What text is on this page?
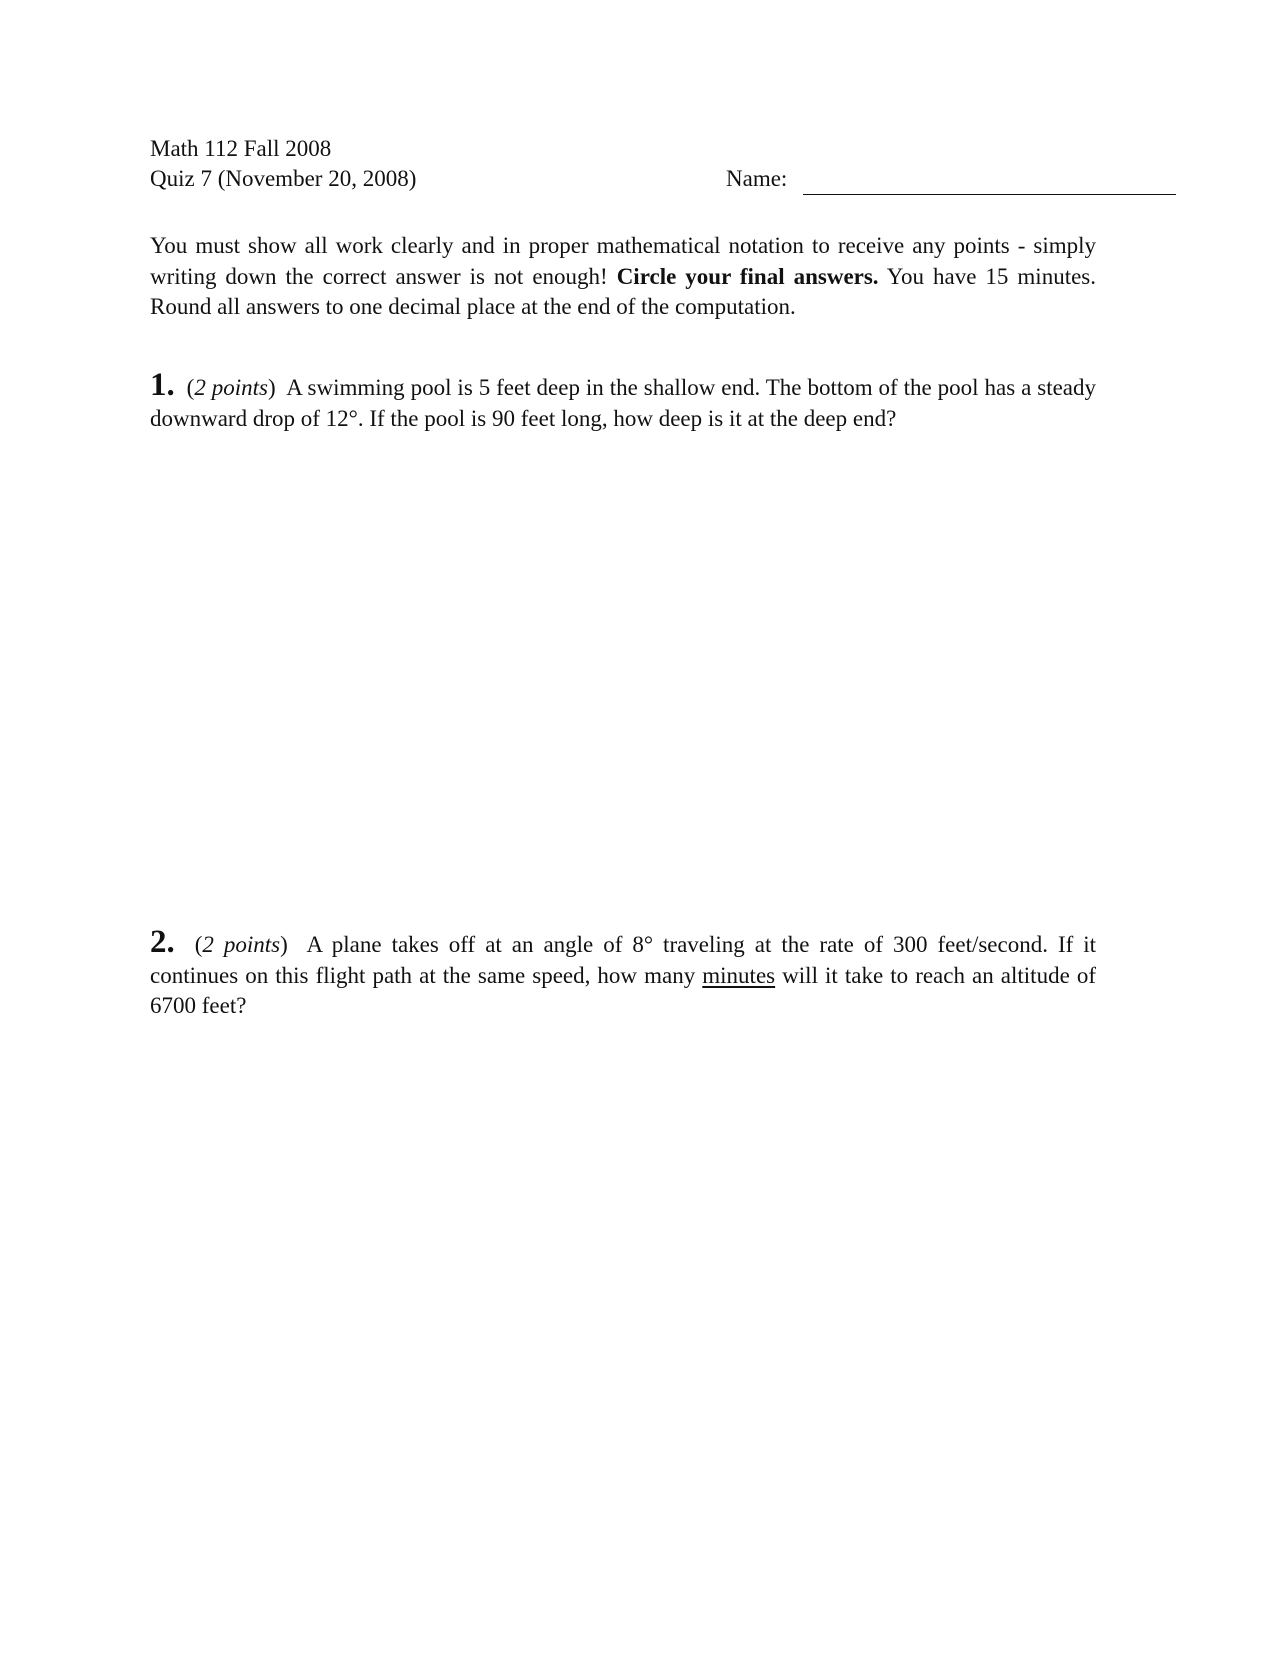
Math 112 Fall 2008
Quiz 7 (November 20, 2008)	Name:
You must show all work clearly and in proper mathematical notation to receive any points - simply writing down the correct answer is not enough! Circle your final answers. You have 15 minutes. Round all answers to one decimal place at the end of the computation.
1. (2 points) A swimming pool is 5 feet deep in the shallow end. The bottom of the pool has a steady downward drop of 12°. If the pool is 90 feet long, how deep is it at the deep end?
2. (2 points) A plane takes off at an angle of 8° traveling at the rate of 300 feet/second. If it continues on this flight path at the same speed, how many minutes will it take to reach an altitude of 6700 feet?
